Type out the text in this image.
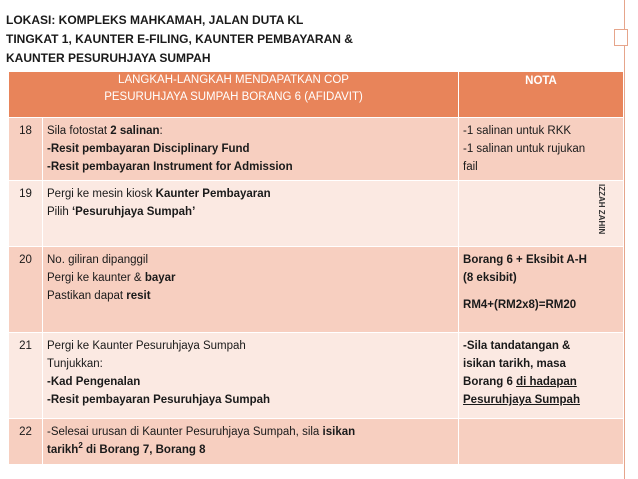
LOKASI: KOMPLEKS MAHKAMAH, JALAN DUTA KL
TINGKAT 1, KAUNTER E-FILING, KAUNTER PEMBAYARAN &
KAUNTER PESURUHJAYA SUMPAH
LANGKAH-LANGKAH MENDAPATKAN COP
PESURUHJAYA SUMPAH BORANG 6 (AFIDAVIT)		NOTA
18	Sila fotostat 2 salinan:
-Resit pembayaran Disciplinary Fund
-Resit pembayaran Instrument for Admission	-1 salinan untuk RKK
-1 salinan untuk rujukan
fail

19	Pergi ke mesin kiosk Kaunter Pembayaran
Pilih ‘Pesuruhjaya Sumpah’	

20	No. giliran dipanggil
Pergi ke kaunter & bayar
Pastikan dapat resit	Borang 6 + Eksibit A-H
(8 eksibit)
RM4+(RM2x8)=RM20

21	Pergi ke Kaunter Pesuruhjaya Sumpah
Tunjukkan:
-Kad Pengenalan
-Resit pembayaran Pesuruhjaya Sumpah	-Sila tandatangan &
isikan tarikh, masa
Borang 6 di hadapan
Pesuruhjaya Sumpah

22	-Selesai urusan di Kaunter Pesuruhjaya Sumpah, sila isikan
tarikh$^2$ di Borang 7, Borang 8	

IZZAH ZAHIN
